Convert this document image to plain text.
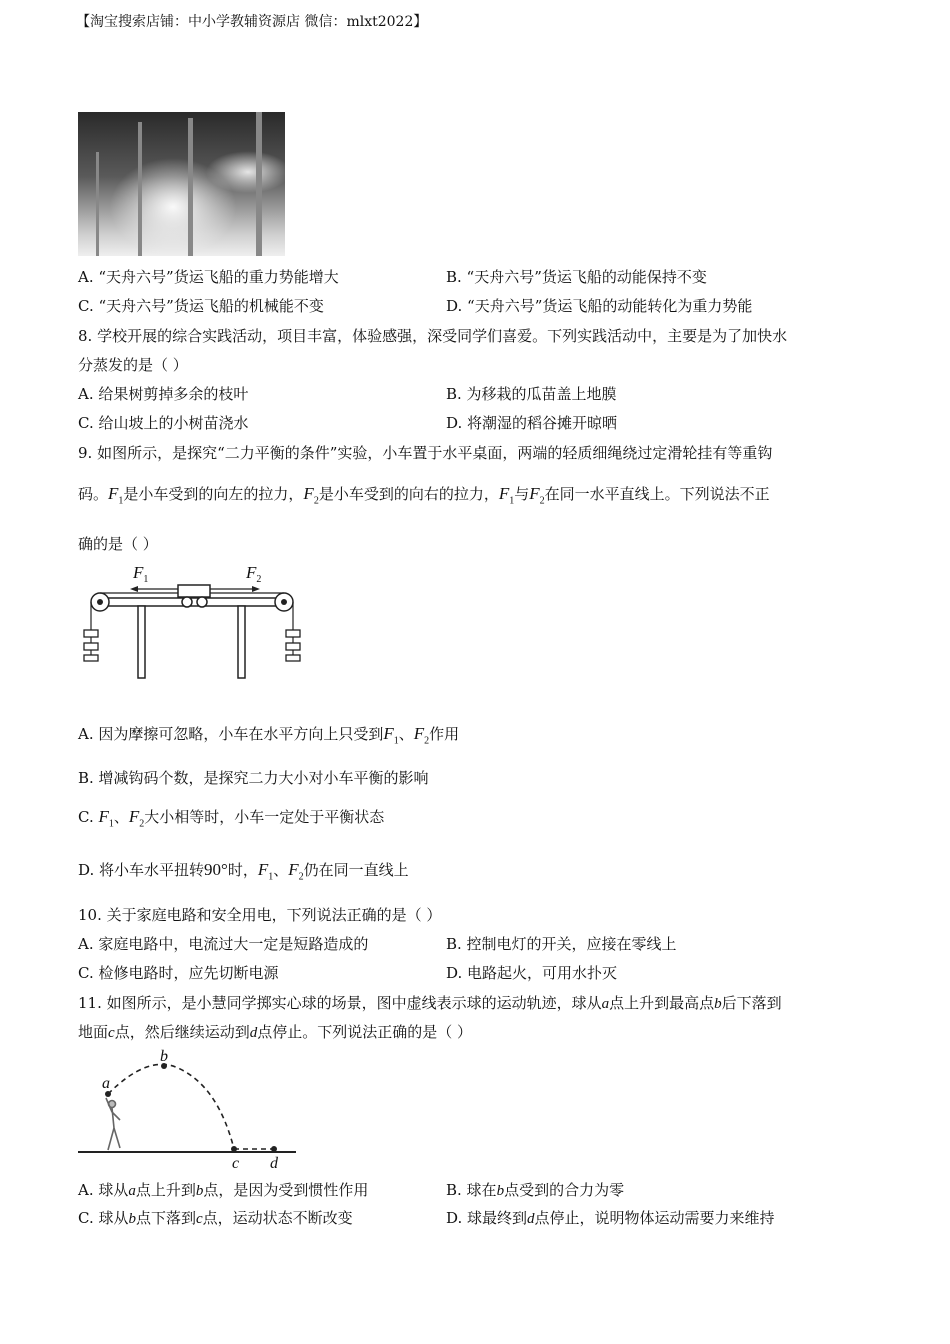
【淘宝搜索店铺：中小学教辅资源店 微信：mlxt2022】
A. “天舟六号”货运飞船的重力势能增大	B. “天舟六号”货运飞船的动能保持不变
C. “天舟六号”货运飞船的机械能不变	D. “天舟六号”货运飞船的动能转化为重力势能
8. 学校开展的综合实践活动，项目丰富，体验感强，深受同学们喜爱。下列实践活动中，主要是为了加快水
分蒸发的是（ ）
A. 给果树剪掉多余的枝叶	B. 为移栽的瓜苗盖上地膜
C. 给山坡上的小树苗浇水	D. 将潮湿的稻谷摊开晾晒
9. 如图所示，是探究“二力平衡的条件”实验，小车置于水平桌面，两端的轻质细绳绕过定滑轮挂有等重钩
码。$F_1$是小车受到的向左的拉力，$F_2$是小车受到的向右的拉力，$F_1$与$F_2$在同一水平直线上。下列说法不正
确的是（ ）
$F_1$	$F_2$
A. 因为摩擦可忽略，小车在水平方向上只受到$F_1$、$F_2$作用
B. 增减钩码个数，是探究二力大小对小车平衡的影响
C. $F_1$、$F_2$大小相等时，小车一定处于平衡状态
D. 将小车水平扭转90°时，$F_1$、$F_2$仍在同一直线上
10. 关于家庭电路和安全用电，下列说法正确的是（ ）
A. 家庭电路中，电流过大一定是短路造成的	B. 控制电灯的开关，应接在零线上
C. 检修电路时，应先切断电源	D. 电路起火，可用水扑灭
11. 如图所示，是小慧同学掷实心球的场景，图中虚线表示球的运动轨迹，球从a点上升到最高点b后下落到
地面c点，然后继续运动到d点停止。下列说法正确的是（ ）
a
b
c d
A. 球从a点上升到b点，是因为受到惯性作用	B. 球在b点受到的合力为零
C. 球从b点下落到c点，运动状态不断改变	D. 球最终到d点停止，说明物体运动需要力来维持
